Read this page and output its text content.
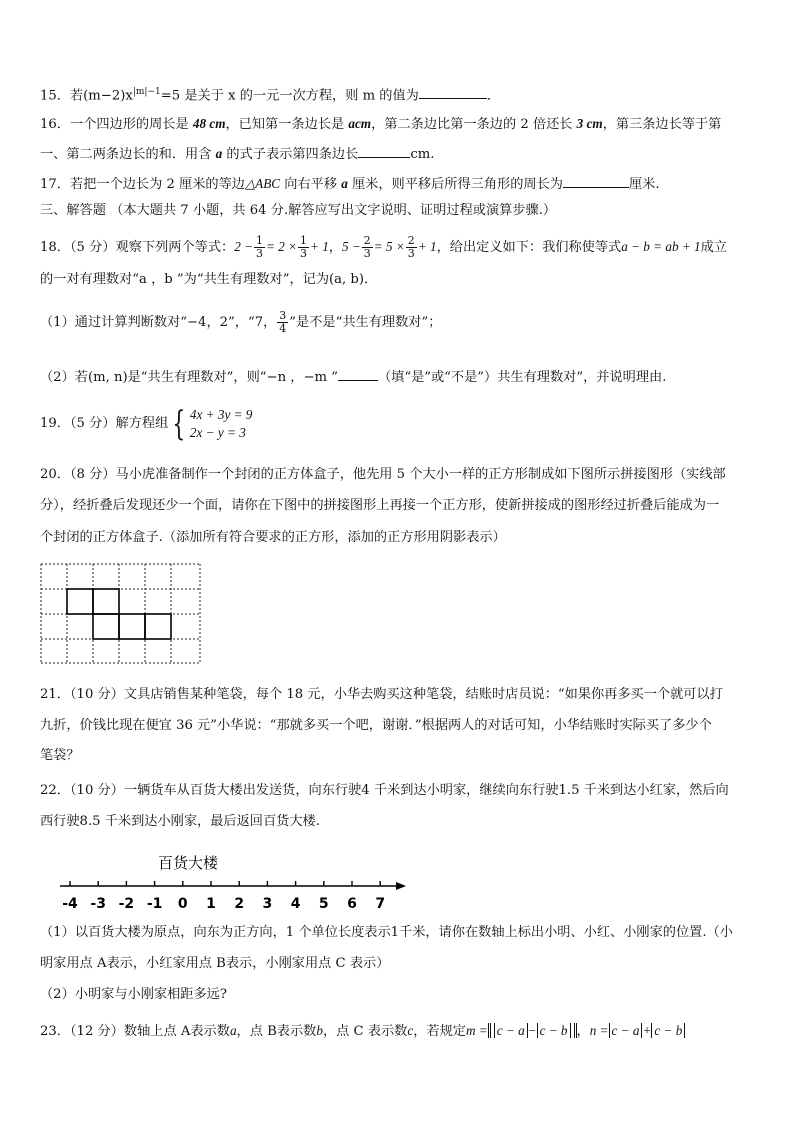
15．若$(m-2)x^{|m|-1}=5$ 是关于 x 的一元一次方程，则 m 的值为	．
16．一个四边形的周长是 48 cm，已知第一条边长是 acm，第二条边比第一条边的 2 倍还长 3 cm，第三条边长等于第
一、第二两条边长的和．用含 a 的式子表示第四条边长	cm.
17．若把一个边长为 2 厘米的等边△ABC 向右平移 a 厘米，则平移后所得三角形的周长为	厘米.
三、解答题 （本大题共 7 小题，共 64 分.解答应写出文字说明、证明过程或演算步骤.）
18．（5 分）观察下列两个等式：$2 - \frac{1}{3} = 2 \times \frac{1}{3} + 1$，$5 - \frac{2}{3} = 5 \times \frac{2}{3} + 1$，给出定义如下：我们称使等式a − b = ab + 1成立
的一对有理数对“a ，b ”为“共生有理数对”，记为(a, b)．
（1）通过计算判断数对“−4，2”，“7， $\frac{3}{4}$ ”是不是“共生有理数对”；
（2）若(m, n)是“共生有理数对”，则“−n ，−m ”	（填“是”或“不是”）共生有理数对”，并说明理由.
19．（5 分）解方程组 { 4x + 3y = 9
2x − y = 3
20．（8 分）马小虎准备制作一个封闭的正方体盒子，他先用 5 个大小一样的正方形制成如下图所示拼接图形（实线部
分），经折叠后发现还少一个面，请你在下图中的拼接图形上再接一个正方形，使新拼接成的图形经过折叠后能成为一
个封闭的正方体盒子.（添加所有符合要求的正方形，添加的正方形用阴影表示）
21．（10 分）文具店销售某种笔袋，每个 18 元，小华去购买这种笔袋，结账时店员说：“如果你再多买一个就可以打
九折，价钱比现在便宜 36 元”小华说：“那就多买一个吧，谢谢．”根据两人的对话可知，小华结账时实际买了多少个
笔袋？
22．（10 分）一辆货车从百货大楼出发送货，向东行驶4 千米到达小明家，继续向东行驶1.5 千米到达小红家，然后向
西行驶8.5 千米到达小刚家，最后返回百货大楼.
百货大楼
-4 -3 -2 -1 0 1 2 3 4 5 6 7
（1）以百货大楼为原点，向东为正方向，1 个单位长度表示1千米，请你在数轴上标出小明、小红、小刚家的位置.（小
明家用点 A表示，小红家用点 B表示，小刚家用点 C 表示）
（2）小明家与小刚家相距多远?
23．（12 分）数轴上点 A表示数a，点 B表示数b，点 C 表示数c，若规定m = c − a − c − b ，n = c − a + c − b
